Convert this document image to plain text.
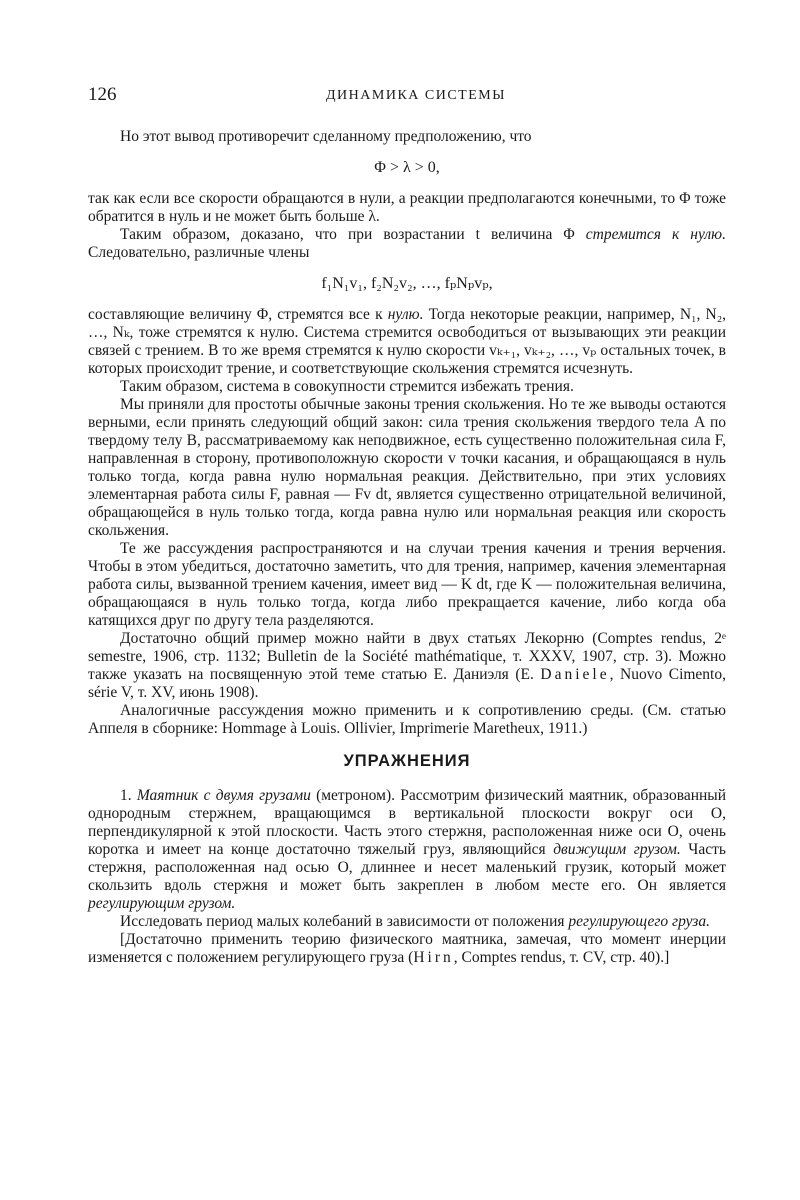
126	ДИНАМИКА СИСТЕМЫ

Но этот вывод противоречит сделанному предположению, что

Φ > λ > 0,

так как если все скорости обращаются в нули, а реакции предполагаются конечными, то Φ тоже обратится в нуль и не может быть больше λ.

Таким образом, доказано, что при возрастании t величина Φ стремится к нулю. Следовательно, различные члены

f₁N₁v₁, f₂N₂v₂, …, fₚNₚvₚ,

составляющие величину Φ, стремятся все к нулю. Тогда некоторые реакции, например, N₁, N₂, …, Nₖ, тоже стремятся к нулю. Система стремится освободиться от вызывающих эти реакции связей с трением. В то же время стремятся к нулю скорости vₖ₊₁, vₖ₊₂, …, vₚ остальных точек, в которых происходит трение, и соответствующие скольжения стремятся исчезнуть.

Таким образом, система в совокупности стремится избежать трения.

Мы приняли для простоты обычные законы трения скольжения. Но те же выводы остаются верными, если принять следующий общий закон: сила трения скольжения твердого тела A по твердому телу B, рассматриваемому как неподвижное, есть существенно положительная сила F, направленная в сторону, противоположную скорости v точки касания, и обращающаяся в нуль только тогда, когда равна нулю нормальная реакция. Действительно, при этих условиях элементарная работа силы F, равная — Fv dt, является существенно отрицательной величиной, обращающейся в нуль только тогда, когда равна нулю или нормальная реакция или скорость скольжения.

Те же рассуждения распространяются и на случаи трения качения и трения верчения. Чтобы в этом убедиться, достаточно заметить, что для трения, например, качения элементарная работа силы, вызванной трением качения, имеет вид — K dt, где K — положительная величина, обращающаяся в нуль только тогда, когда либо прекращается качение, либо когда оба катящихся друг по другу тела разделяются.

Достаточно общий пример можно найти в двух статьях Лекорню (Comptes rendus, 2ᵉ semestre, 1906, стр. 1132; Bulletin de la Société mathématique, т. XXXV, 1907, стр. 3). Можно также указать на посвященную этой теме статью E. Даниэля (E. Daniele, Nuovo Cimento, série V, т. XV, июнь 1908).

Аналогичные рассуждения можно применить и к сопротивлению среды. (См. статью Аппеля в сборнике: Hommage à Louis. Ollivier, Imprimerie Maretheux, 1911.)

УПРАЖНЕНИЯ

1. Маятник с двумя грузами (метроном). Рассмотрим физический маятник, образованный однородным стержнем, вращающимся в вертикальной плоскости вокруг оси O, перпендикулярной к этой плоскости. Часть этого стержня, расположенная ниже оси O, очень коротка и имеет на конце достаточно тяжелый груз, являющийся движущим грузом. Часть стержня, расположенная над осью O, длиннее и несет маленький грузик, который может скользить вдоль стержня и может быть закреплен в любом месте его. Он является регулирующим грузом.

Исследовать период малых колебаний в зависимости от положения регулирующего груза.

[Достаточно применить теорию физического маятника, замечая, что момент инерции изменяется с положением регулирующего груза (Hirn, Comptes rendus, т. CV, стр. 40).]
